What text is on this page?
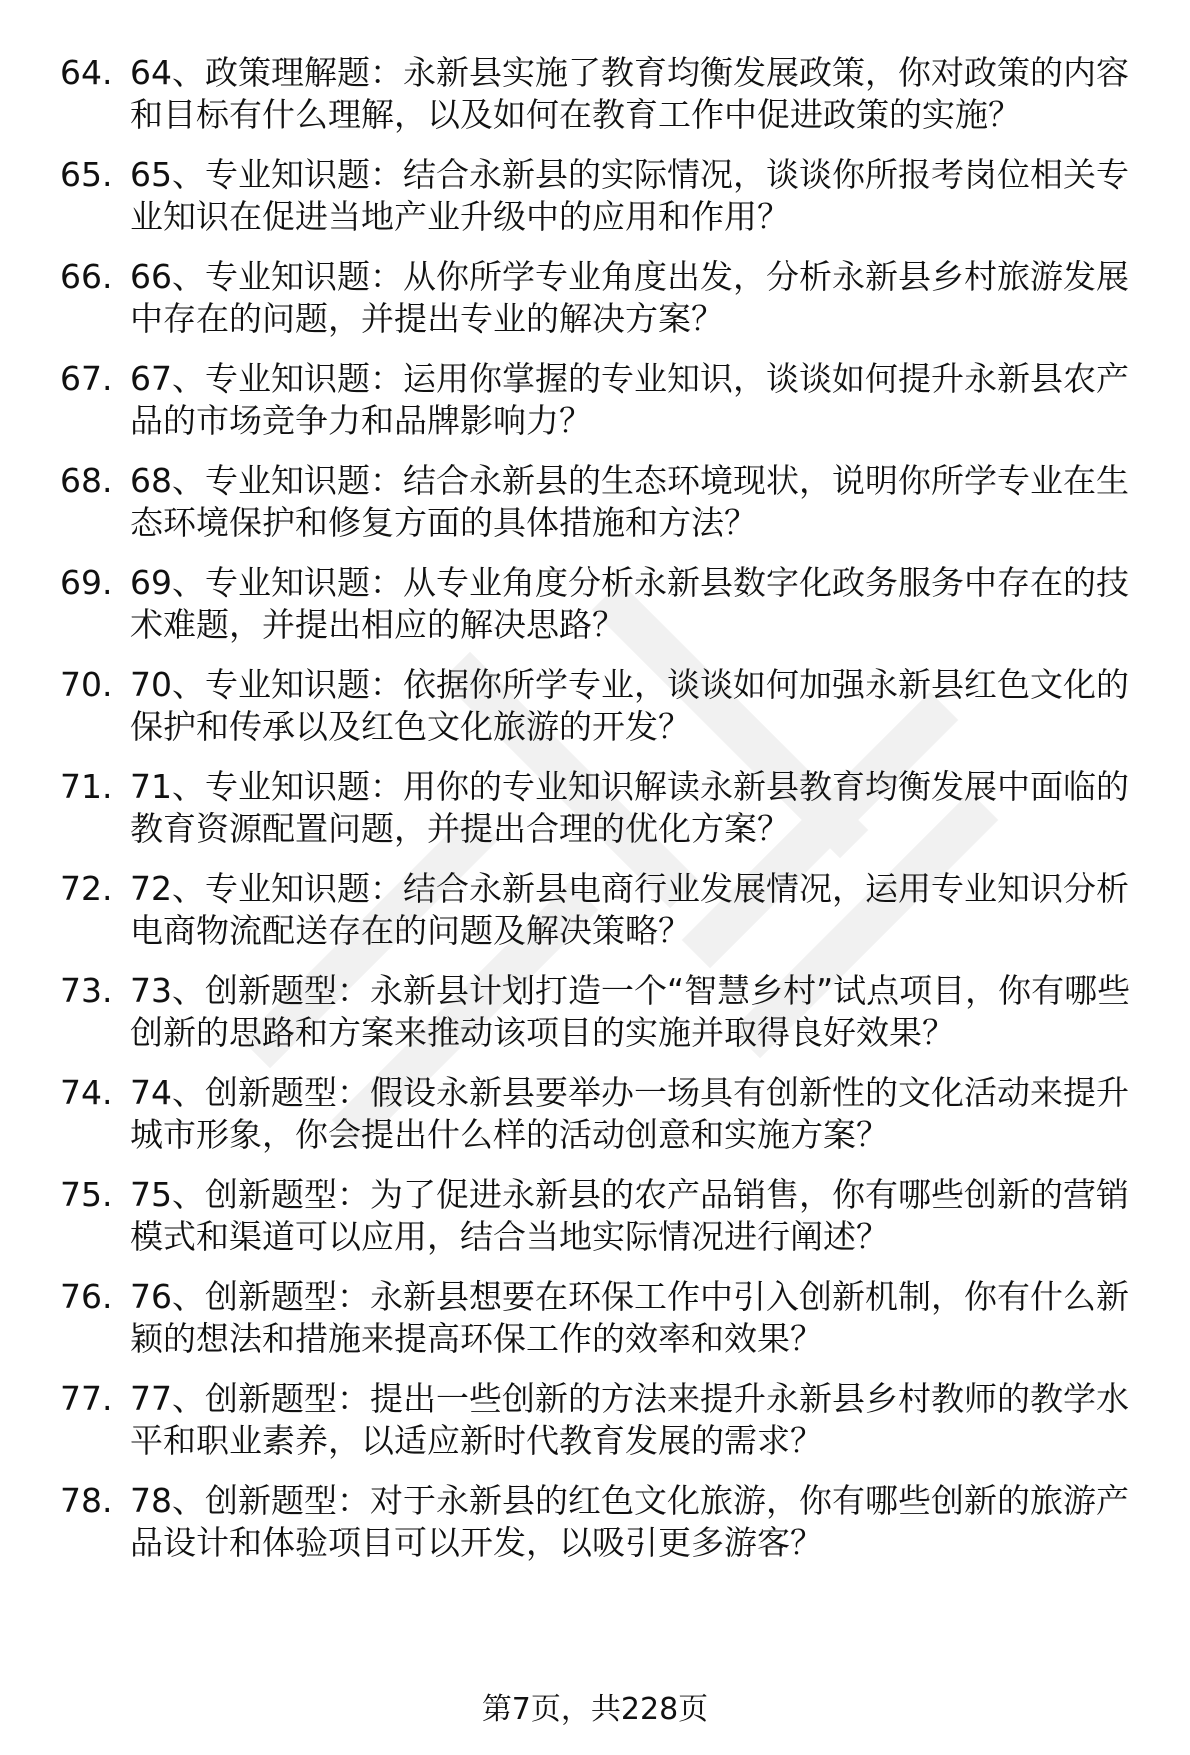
64. 64、政策理解题：永新县实施了教育均衡发展政策，你对政策的内容和目标有什么理解，以及如何在教育工作中促进政策的实施？
65. 65、专业知识题：结合永新县的实际情况，谈谈你所报考岗位相关专业知识在促进当地产业升级中的应用和作用？
66. 66、专业知识题：从你所学专业角度出发，分析永新县乡村旅游发展中存在的问题，并提出专业的解决方案？
67. 67、专业知识题：运用你掌握的专业知识，谈谈如何提升永新县农产品的市场竞争力和品牌影响力？
68. 68、专业知识题：结合永新县的生态环境现状，说明你所学专业在生态环境保护和修复方面的具体措施和方法？
69. 69、专业知识题：从专业角度分析永新县数字化政务服务中存在的技术难题，并提出相应的解决思路？
70. 70、专业知识题：依据你所学专业，谈谈如何加强永新县红色文化的保护和传承以及红色文化旅游的开发？
71. 71、专业知识题：用你的专业知识解读永新县教育均衡发展中面临的教育资源配置问题，并提出合理的优化方案？
72. 72、专业知识题：结合永新县电商行业发展情况，运用专业知识分析电商物流配送存在的问题及解决策略？
73. 73、创新题型：永新县计划打造一个“智慧乡村”试点项目，你有哪些创新的思路和方案来推动该项目的实施并取得良好效果？
74. 74、创新题型：假设永新县要举办一场具有创新性的文化活动来提升城市形象，你会提出什么样的活动创意和实施方案？
75. 75、创新题型：为了促进永新县的农产品销售，你有哪些创新的营销模式和渠道可以应用，结合当地实际情况进行阐述？
76. 76、创新题型：永新县想要在环保工作中引入创新机制，你有什么新颖的想法和措施来提高环保工作的效率和效果？
77. 77、创新题型：提出一些创新的方法来提升永新县乡村教师的教学水平和职业素养，以适应新时代教育发展的需求？
78. 78、创新题型：对于永新县的红色文化旅游，你有哪些创新的旅游产品设计和体验项目可以开发，以吸引更多游客？
第7页，共228页
